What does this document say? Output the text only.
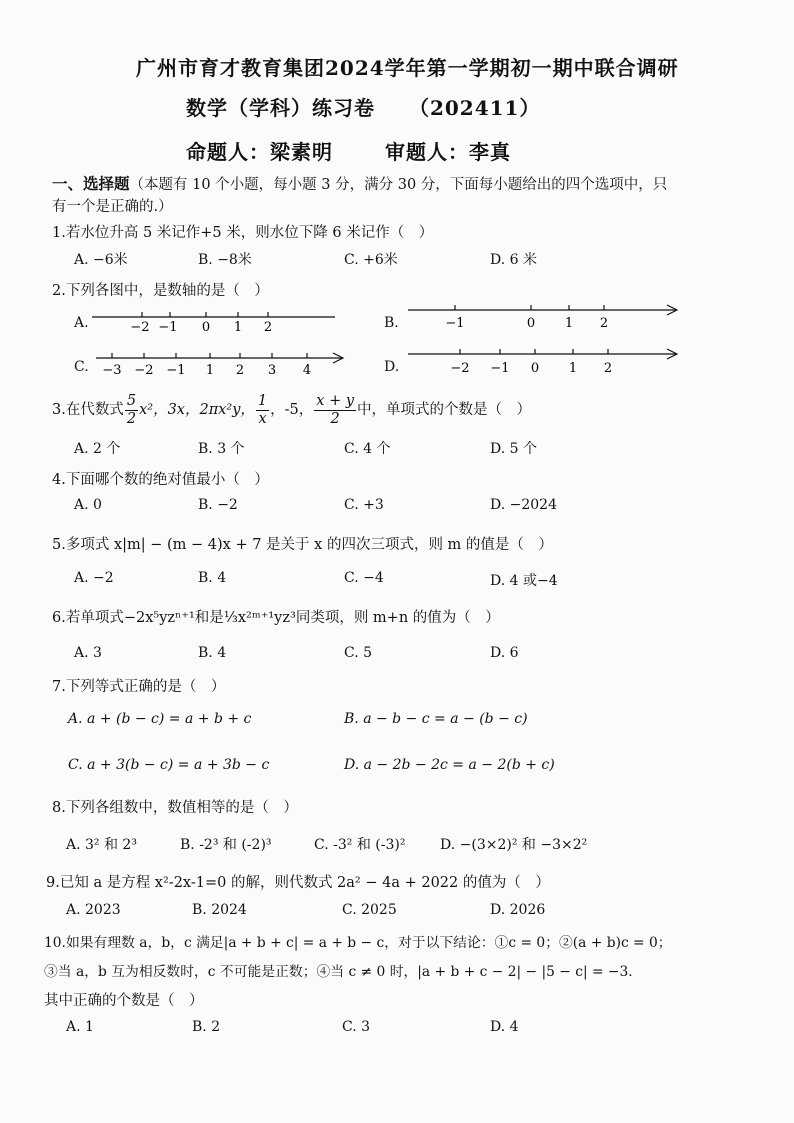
广州市育才教育集团2024学年第一学期初一期中联合调研
数学（学科）练习卷 （202411）
命题人：梁素明	审题人：李真
一、选择题（本题有 10 个小题，每小题 3 分，满分 30 分，下面每小题给出的四个选项中，只
有一个是正确的.）
1.若水位升高 5 米记作+5 米，则水位下降 6 米记作（　）
A. −6米	B. −8米	C. +6米	D. 6 米
2.下列各图中，是数轴的是（　）
A.	−2 −1 0 1 2	B.	−1	0 1 2
C. −3 −2 −1 1 2 3 4	D.	−2 −1 0 1 2
3.在代数式 $\frac{5}{2} x^2$，3x，2πx²y， $\frac{1}{x}$ ，-5， $\frac{x + y}{2}$ 中，单项式的个数是（　）
A. 2 个	B. 3 个	C. 4 个	D. 5 个
4.下面哪个数的绝对值最小（　）
A. 0	B. −2	C. +3	D. −2024
5.多项式 x|m| − (m − 4)x + 7 是关于 x 的四次三项式，则 m 的值是（　）
A. −2	B. 4	C. −4	D. 4 或−4
6.若单项式−2x⁵yzⁿ⁺¹和是⅓x²ᵐ⁺¹yz³同类项，则 m+n 的值为（　）
A. 3	B. 4	C. 5	D. 6
7.下列等式正确的是（　）
A. a + (b − c) = a + b + c	B. a − b − c = a − (b − c)
C. a + 3(b − c) = a + 3b − c	D. a − 2b − 2c = a − 2(b + c)
8.下列各组数中，数值相等的是（　）
A. 3² 和 2³	B. -2³ 和 (-2)³	C. -3² 和 (-3)² D. −(3×2)² 和 −3×2²
9.已知 a 是方程 x²-2x-1=0 的解，则代数式 2a² − 4a + 2022 的值为（　）
A. 2023	B. 2024	C. 2025	D. 2026
10.如果有理数 a，b，c 满足|a + b + c| = a + b − c，对于以下结论：①c = 0；②(a + b)c = 0；
③当 a，b 互为相反数时，c 不可能是正数；④当 c ≠ 0 时，|a + b + c − 2| − |5 − c| = −3.
其中正确的个数是（　）
A. 1	B. 2	C. 3	D. 4
